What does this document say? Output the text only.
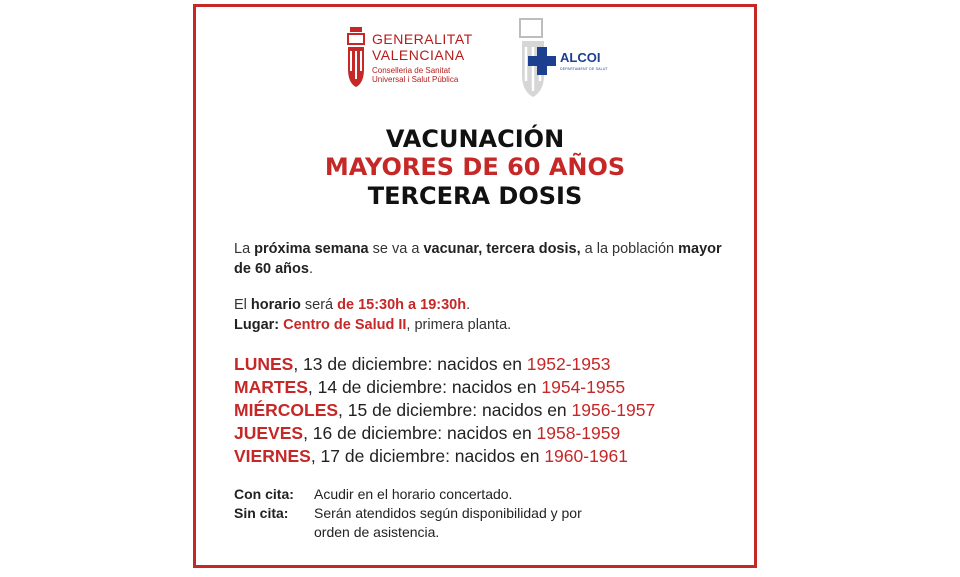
GENERALITAT
VALENCIANA
Conselleria de Sanitat
Universal i Salut Pública
ALCOI
DEPARTAMENT DE SALUT
VACUNACIÓN
MAYORES DE 60 AÑOS
TERCERA DOSIS
La próxima semana se va a vacunar, tercera dosis, a la población mayor de 60 años.
El horario será de 15:30h a 19:30h.
Lugar: Centro de Salud II, primera planta.
LUNES, 13 de diciembre: nacidos en 1952-1953
MARTES, 14 de diciembre: nacidos en 1954-1955
MIÉRCOLES, 15 de diciembre: nacidos en 1956-1957
JUEVES, 16 de diciembre: nacidos en 1958-1959
VIERNES, 17 de diciembre: nacidos en 1960-1961
Con cita:	Acudir en el horario concertado.
Sin cita:	Serán atendidos según disponibilidad y por orden de asistencia.
